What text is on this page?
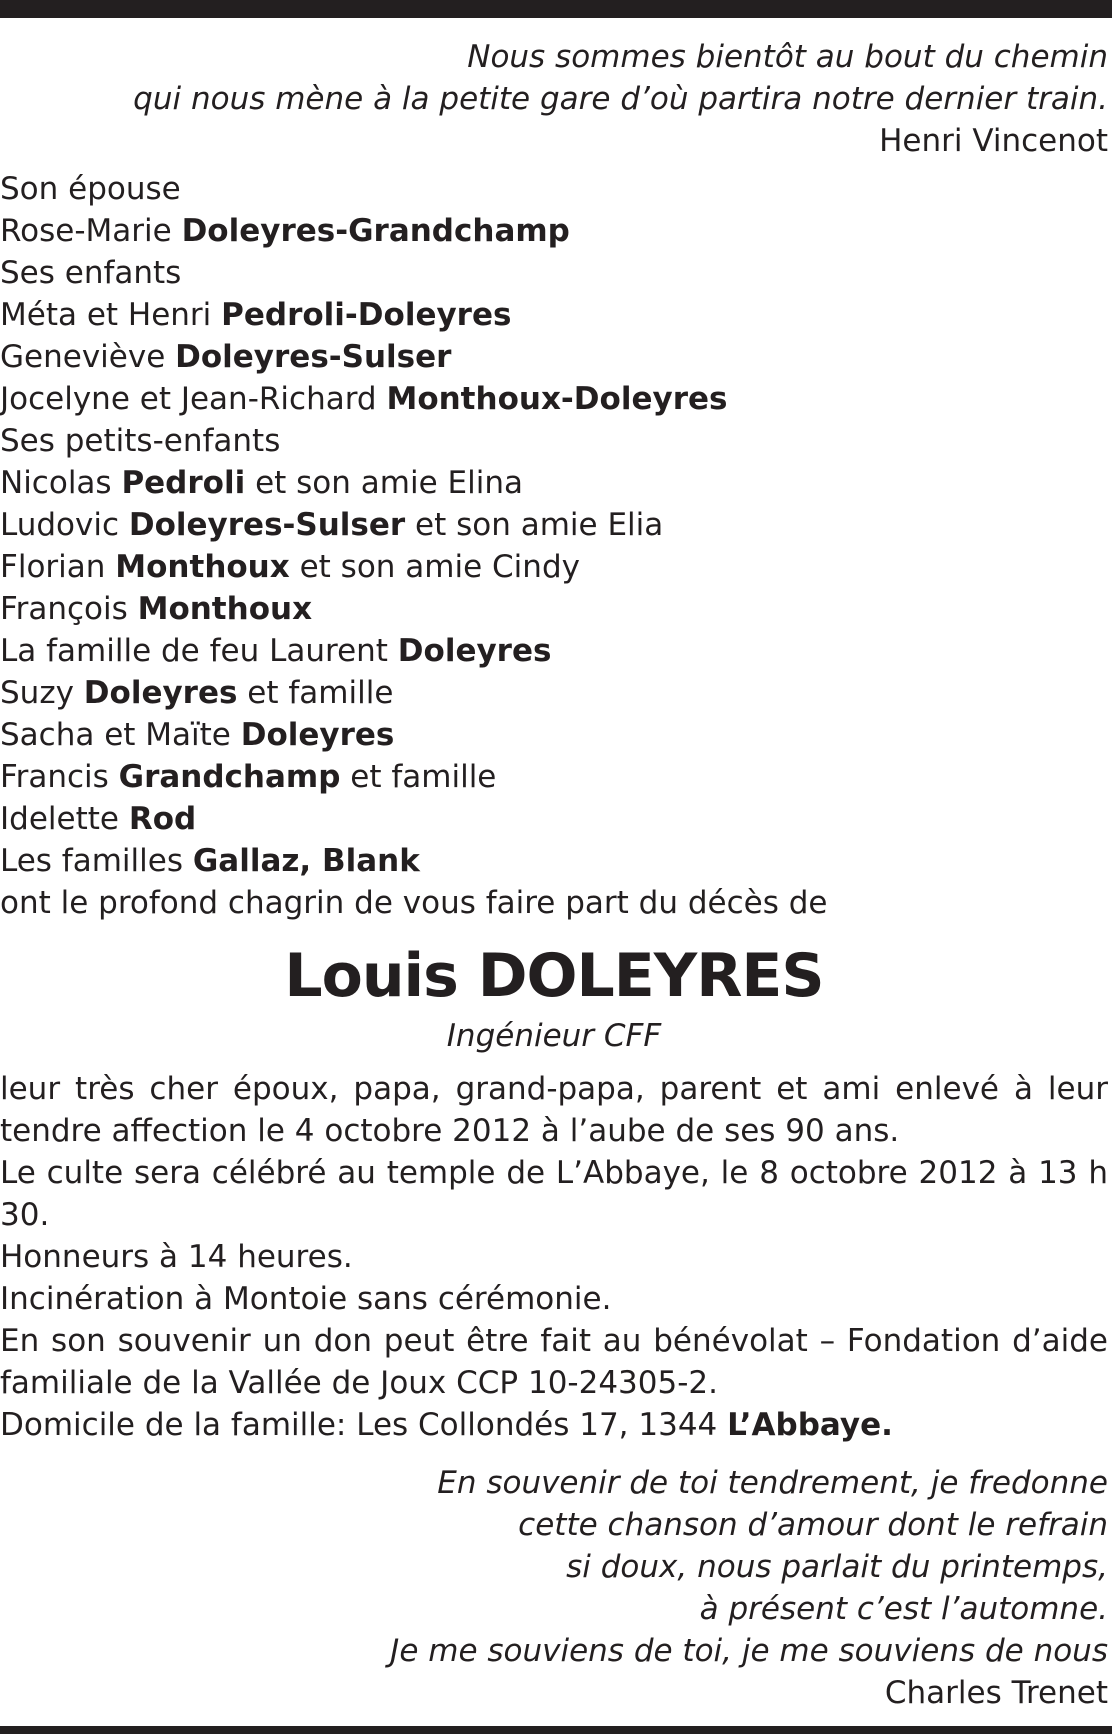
Nous sommes bientôt au bout du chemin
qui nous mène à la petite gare d’où partira notre dernier train.
Henri Vincenot
Son épouse
Rose-Marie Doleyres-Grandchamp
Ses enfants
Méta et Henri Pedroli-Doleyres
Geneviève Doleyres-Sulser
Jocelyne et Jean-Richard Monthoux-Doleyres
Ses petits-enfants
Nicolas Pedroli et son amie Elina
Ludovic Doleyres-Sulser et son amie Elia
Florian Monthoux et son amie Cindy
François Monthoux
La famille de feu Laurent Doleyres
Suzy Doleyres et famille
Sacha et Maïte Doleyres
Francis Grandchamp et famille
Idelette Rod
Les familles Gallaz, Blank
ont le profond chagrin de vous faire part du décès de
Louis DOLEYRES
Ingénieur CFF
leur très cher époux, papa, grand-papa, parent et ami enlevé à leur tendre affection le 4 octobre 2012 à l’aube de ses 90 ans.
Le culte sera célébré au temple de L’Abbaye, le 8 octobre 2012 à 13 h 30.
Honneurs à 14 heures.
Incinération à Montoie sans cérémonie.
En son souvenir un don peut être fait au bénévolat – Fondation d’aide familiale de la Vallée de Joux CCP 10-24305-2.
Domicile de la famille: Les Collondés 17, 1344 L’Abbaye.
En souvenir de toi tendrement, je fredonne
cette chanson d’amour dont le refrain
si doux, nous parlait du printemps,
à présent c’est l’automne.
Je me souviens de toi, je me souviens de nous
Charles Trenet
